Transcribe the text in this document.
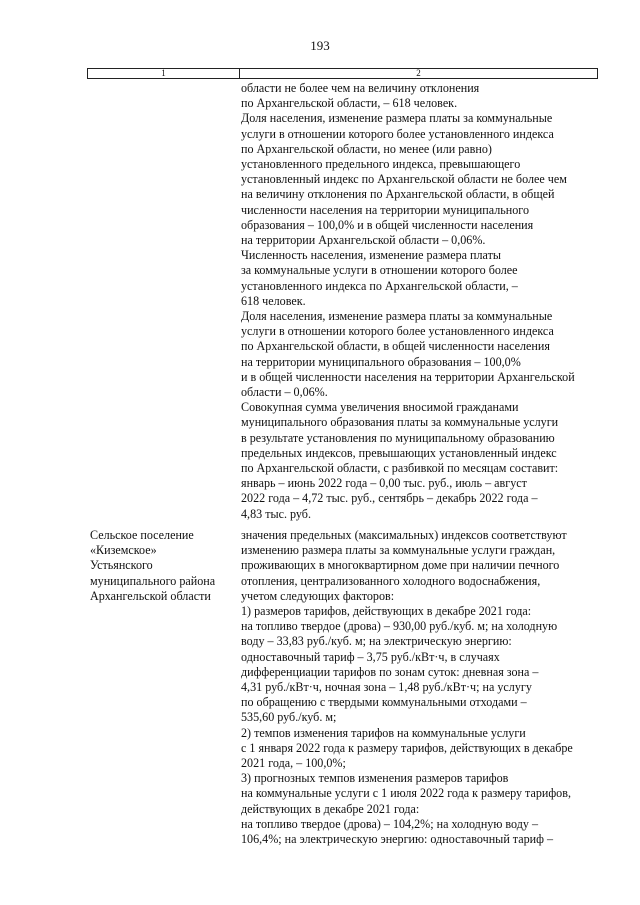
193
1	2
области не более чем на величину отклонения
по Архангельской области, – 618 человек.
Доля населения, изменение размера платы за коммунальные
услуги в отношении которого более установленного индекса
по Архангельской области, но менее (или равно)
установленного предельного индекса, превышающего
установленный индекс по Архангельской области не более чем
на величину отклонения по Архангельской области, в общей
численности населения на территории муниципального
образования – 100,0% и в общей численности населения
на территории Архангельской области – 0,06%.
Численность населения, изменение размера платы
за коммунальные услуги в отношении которого более
установленного индекса по Архангельской области, –
618 человек.
Доля населения, изменение размера платы за коммунальные
услуги в отношении которого более установленного индекса
по Архангельской области, в общей численности населения
на территории муниципального образования – 100,0%
и в общей численности населения на территории Архангельской
области – 0,06%.
Совокупная сумма увеличения вносимой гражданами
муниципального образования платы за коммунальные услуги
в результате установления по муниципальному образованию
предельных индексов, превышающих установленный индекс
по Архангельской области, с разбивкой по месяцам составит:
январь – июнь 2022 года – 0,00 тыс. руб., июль – август
2022 года – 4,72 тыс. руб., сентябрь – декабрь 2022 года –
4,83 тыс. руб.
Сельское поселение
«Киземское»
Устьянского
муниципального района
Архангельской области
значения предельных (максимальных) индексов соответствуют
изменению размера платы за коммунальные услуги граждан,
проживающих в многоквартирном доме при наличии печного
отопления, централизованного холодного водоснабжения,
учетом следующих факторов:
1) размеров тарифов, действующих в декабре 2021 года:
на топливо твердое (дрова) – 930,00 руб./куб. м; на холодную
воду – 33,83 руб./куб. м; на электрическую энергию:
одноставочный тариф – 3,75 руб./кВт·ч, в случаях
дифференциации тарифов по зонам суток: дневная зона –
4,31 руб./кВт·ч, ночная зона – 1,48 руб./кВт·ч; на услугу
по обращению с твердыми коммунальными отходами –
535,60 руб./куб. м;
2) темпов изменения тарифов на коммунальные услуги
с 1 января 2022 года к размеру тарифов, действующих в декабре
2021 года, – 100,0%;
3) прогнозных темпов изменения размеров тарифов
на коммунальные услуги с 1 июля 2022 года к размеру тарифов,
действующих в декабре 2021 года:
на топливо твердое (дрова) – 104,2%; на холодную воду –
106,4%; на электрическую энергию: одноставочный тариф –
